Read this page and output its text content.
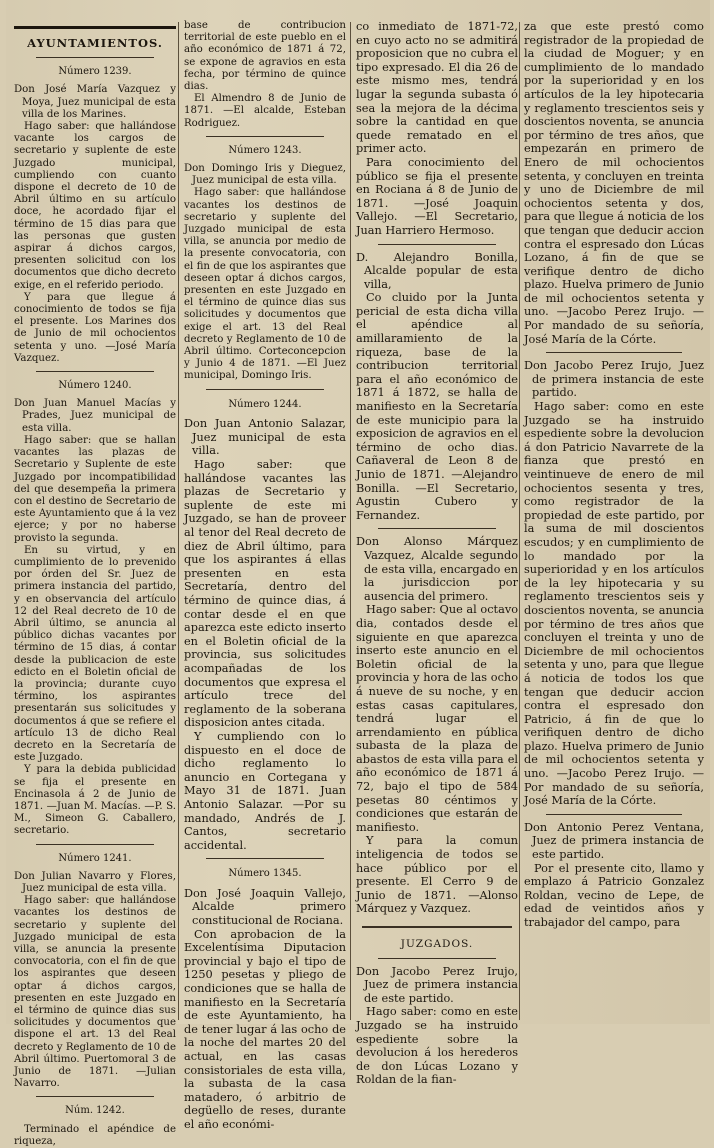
AYUNTAMIENTOS.

Número 1239.

Don José María Vazquez y Moya, Juez municipal de esta villa de los Marines.

Hago saber: que hallándose vacante los cargos de secretario y suplente de este Juzgado municipal, cumpliendo con cuanto dispone el decreto de 10 de Abril último en su artículo doce, he acordado fijar el término de 15 dias para que las personas que gusten aspirar á dichos cargos, presenten solicitud con los documentos que dicho decreto exige, en el referido periodo.

Y para que llegue á conocimiento de todos se fija el presente. Los Marines dos de Junio de mil ochocientos setenta y uno. —José María Vazquez.

Número 1240.

Don Juan Manuel Macías y Prades, Juez municipal de esta villa.

Hago saber: que se hallan vacantes las plazas de Secretario y Suplente de este Juzgado por incompatibilidad del que desempeña la primera con el destino de Secretario de este Ayuntamiento que á la vez ejerce; y por no haberse provisto la segunda.

En su virtud, y en cumplimiento de lo prevenido por órden del Sr. Juez de primera instancia del partido, y en observancia del artículo 12 del Real decreto de 10 de Abril último, se anuncia al público dichas vacantes por término de 15 dias, á contar desde la publicacion de este edicto en el Boletin oficial de la provincia; durante cuyo término, los aspirantes presentarán sus solicitudes y documentos á que se refiere el artículo 13 de dicho Real decreto en la Secretaría de este Juzgado.

Y para la debida publicidad se fija el presente en Encinasola á 2 de Junio de 1871. —Juan M. Macías. —P. S. M., Simeon G. Caballero, secretario.

Número 1241.

Don Julian Navarro y Flores, Juez municipal de esta villa.

Hago saber: que hallándose vacantes los destinos de secretario y suplente del Juzgado municipal de esta villa, se anuncia la presente convocatoria, con el fin de que los aspirantes que deseen optar á dichos cargos, presenten en este Juzgado en el término de quince dias sus solicitudes y documentos que dispone el art. 13 del Real decreto y Reglamento de 10 de Abril último. Puertomoral 3 de Junio de 1871. —Julian Navarro.

Núm. 1242.

Terminado el apéndice de riqueza,

base de contribucion territorial de este pueblo en el año económico de 1871 á 72, se expone de agravios en esta fecha, por término de quince dias.

El Almendro 8 de Junio de 1871. —El alcalde, Esteban Rodriguez.

Número 1243.

Don Domingo Iris y Dieguez, Juez municipal de esta villa.

Hago saber: que hallándose vacantes los destinos de secretario y suplente del Juzgado municipal de esta villa, se anuncia por medio de la presente convocatoria, con el fin de que los aspirantes que deseen optar á dichos cargos, presenten en este Juzgado en el término de quince dias sus solicitudes y documentos que exige el art. 13 del Real decreto y Reglamento de 10 de Abril último. Corteconcepcion y Junio 4 de 1871. —El Juez municipal, Domingo Iris.

Número 1244.

Don Juan Antonio Salazar, Juez municipal de esta villa.

Hago saber: que hallándose vacantes las plazas de Secretario y suplente de este mi Juzgado, se han de proveer al tenor del Real decreto de diez de Abril último, para que los aspirantes á ellas presenten en esta Secretaría, dentro del término de quince dias, á contar desde el en que aparezca este edicto inserto en el Boletin oficial de la provincia, sus solicitudes acompañadas de los documentos que expresa el artículo trece del reglamento de la soberana disposicion antes citada.

Y cumpliendo con lo dispuesto en el doce de dicho reglamento lo anuncio en Cortegana y Mayo 31 de 1871. Juan Antonio Salazar. —Por su mandado, Andrés de J. Cantos, secretario accidental.

Número 1345.

Don José Joaquin Vallejo, Alcalde primero constitucional de Rociana.

Con aprobacion de la Excelentísima Diputacion provincial y bajo el tipo de 1250 pesetas y pliego de condiciones que se halla de manifiesto en la Secretaría de este Ayuntamiento, ha de tener lugar á las ocho de la noche del martes 20 del actual, en las casas consistoriales de esta villa, la subasta de la casa matadero, ó arbitrio de degüello de reses, durante el año económi-

co inmediato de 1871-72, en cuyo acto no se admitirá proposicion que no cubra el tipo expresado. El dia 26 de este mismo mes, tendrá lugar la segunda subasta ó sea la mejora de la décima sobre la cantidad en que quede rematado en el primer acto.

Para conocimiento del público se fija el presente en Rociana á 8 de Junio de 1871. —José Joaquin Vallejo. —El Secretario, Juan Harriero Hermoso.

D. Alejandro Bonilla, Alcalde popular de esta villa,

Co cluido por la Junta pericial de esta dicha villa el apéndice al amillaramiento de la riqueza, base de la contribucion territorial para el año económico de 1871 á 1872, se halla de manifiesto en la Secretaría de este municipio para la exposicion de agravios en el término de ocho dias. Cañaveral de Leon 8 de Junio de 1871. —Alejandro Bonilla. —El Secretario, Agustin Cubero y Fernandez.

Don Alonso Márquez Vazquez, Alcalde segundo de esta villa, encargado en la jurisdiccion por ausencia del primero.

Hago saber: Que al octavo dia, contados desde el siguiente en que aparezca inserto este anuncio en el Boletin oficial de la provincia y hora de las ocho á nueve de su noche, y en estas casas capitulares, tendrá lugar el arrendamiento en pública subasta de la plaza de abastos de esta villa para el año económico de 1871 á 72, bajo el tipo de 584 pesetas 80 céntimos y condiciones que estarán de manifiesto.

Y para la comun inteligencia de todos se hace público por el presente. El Cerro 9 de Junio de 1871. —Alonso Márquez y Vazquez.

JUZGADOS.

Don Jacobo Perez Irujo, Juez de primera instancia de este partido.

Hago saber: como en este Juzgado se ha instruido espediente sobre la devolucion á los herederos de don Lúcas Lozano y Roldan de la fian-

za que este prestó como registrador de la propiedad de la ciudad de Moguer; y en cumplimiento de lo mandado por la superioridad y en los artículos de la ley hipotecaria y reglamento trescientos seis y doscientos noventa, se anuncia por término de tres años, que empezarán en primero de Enero de mil ochocientos setenta, y concluyen en treinta y uno de Diciembre de mil ochocientos setenta y dos, para que llegue á noticia de los que tengan que deducir accion contra el espresado don Lúcas Lozano, á fin de que se verifique dentro de dicho plazo. Huelva primero de Junio de mil ochocientos setenta y uno. —Jacobo Perez Irujo. —Por mandado de su señoría, José María de la Córte.

Don Jacobo Perez Irujo, Juez de primera instancia de este partido.

Hago saber: como en este Juzgado se ha instruido espediente sobre la devolucion á don Patricio Navarrete de la fianza que prestó en veintinueve de enero de mil ochocientos sesenta y tres, como registrador de la propiedad de este partido, por la suma de mil doscientos escudos; y en cumplimiento de lo mandado por la superioridad y en los artículos de la ley hipotecaria y su reglamento trescientos seis y doscientos noventa, se anuncia por término de tres años que concluyen el treinta y uno de Diciembre de mil ochocientos setenta y uno, para que llegue á noticia de todos los que tengan que deducir accion contra el espresado don Patricio, á fin de que lo verifiquen dentro de dicho plazo. Huelva primero de Junio de mil ochocientos setenta y uno. —Jacobo Perez Irujo. —Por mandado de su señoría, José María de la Córte.

Don Antonio Perez Ventana, Juez de primera instancia de este partido.

Por el presente cito, llamo y emplazo á Patricio Gonzalez Roldan, vecino de Lepe, de edad de veintidos años y trabajador del campo, para
